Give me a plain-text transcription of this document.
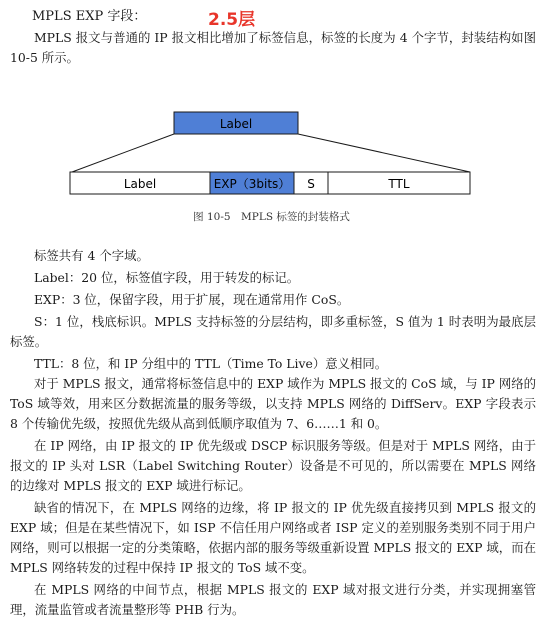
MPLS EXP 字段：	2.5层

MPLS 报文与普通的 IP 报文相比增加了标签信息，标签的长度为 4 个字节，封装结构如图 10-5 所示。

Label
Label	EXP（3bits） S	TTL
图 10-5　MPLS 标签的封装格式
标签共有 4 个字域。
Label：20 位，标签值字段，用于转发的标记。
EXP：3 位，保留字段，用于扩展，现在通常用作 CoS。

S：1 位，栈底标识。MPLS 支持标签的分层结构，即多重标签，S 值为 1 时表明为最底层标签。

TTL：8 位，和 IP 分组中的 TTL（Time To Live）意义相同。

对于 MPLS 报文，通常将标签信息中的 EXP 域作为 MPLS 报文的 CoS 域，与 IP 网络的 ToS 域等效，用来区分数据流量的服务等级，以支持 MPLS 网络的 DiffServ。EXP 字段表示 8 个传输优先级，按照优先级从高到低顺序取值为 7、6……1 和 0。

在 IP 网络，由 IP 报文的 IP 优先级或 DSCP 标识服务等级。但是对于 MPLS 网络，由于报文的 IP 头对 LSR（Label Switching Router）设备是不可见的，所以需要在 MPLS 网络的边缘对 MPLS 报文的 EXP 域进行标记。

缺省的情况下，在 MPLS 网络的边缘，将 IP 报文的 IP 优先级直接拷贝到 MPLS 报文的 EXP 域；但是在某些情况下，如 ISP 不信任用户网络或者 ISP 定义的差别服务类别不同于用户网络，则可以根据一定的分类策略，依据内部的服务等级重新设置 MPLS 报文的 EXP 域，而在 MPLS 网络转发的过程中保持 IP 报文的 ToS 域不变。

在 MPLS 网络的中间节点，根据 MPLS 报文的 EXP 域对报文进行分类，并实现拥塞管理，流量监管或者流量整形等 PHB 行为。
